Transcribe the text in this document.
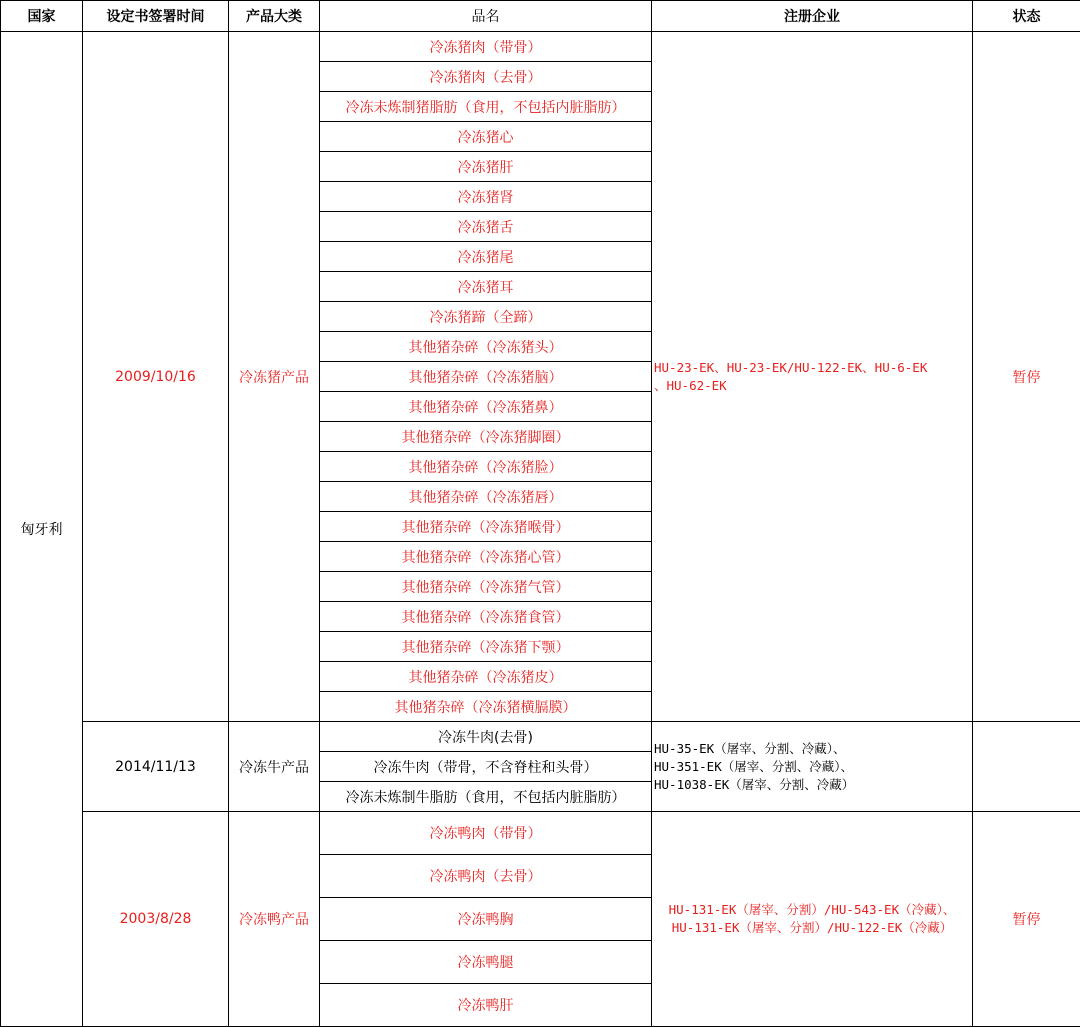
国家	设定书签署时间	产品大类	品名	注册企业	状态
匈牙利	2009/10/16	冷冻猪产品	冷冻猪肉（带骨）	HU-23-EK、HU-23-EK/HU-122-EK、HU-6-EK
、HU-62-EK	暂停
			冷冻猪肉（去骨）		
			冷冻未炼制猪脂肪（食用，不包括内脏脂肪）		
			冷冻猪心		
			冷冻猪肝		
			冷冻猪肾		
			冷冻猪舌		
			冷冻猪尾		
			冷冻猪耳		
			冷冻猪蹄（全蹄）		
			其他猪杂碎（冷冻猪头）		
			其他猪杂碎（冷冻猪脑）		
			其他猪杂碎（冷冻猪鼻）		
			其他猪杂碎（冷冻猪脚圈）		
			其他猪杂碎（冷冻猪脸）		
			其他猪杂碎（冷冻猪唇）		
			其他猪杂碎（冷冻猪喉骨）		
			其他猪杂碎（冷冻猪心管）		
			其他猪杂碎（冷冻猪气管）		
			其他猪杂碎（冷冻猪食管）		
			其他猪杂碎（冷冻猪下颚）		
			其他猪杂碎（冷冻猪皮）		
			其他猪杂碎（冷冻猪横膈膜）		
	2014/11/13	冷冻牛产品	冷冻牛肉(去骨)	HU-35-EK（屠宰、分割、冷藏）、
HU-351-EK（屠宰、分割、冷藏）、
HU-1038-EK（屠宰、分割、冷藏）	

			冷冻牛肉（带骨，不含脊柱和头骨）		
			冷冻未炼制牛脂肪（食用，不包括内脏脂肪）		
	2003/8/28	冷冻鸭产品	冷冻鸭肉（带骨）	HU-131-EK（屠宰、分割）/HU-543-EK（冷藏）、
HU-131-EK（屠宰、分割）/HU-122-EK（冷藏）	暂停
			冷冻鸭肉（去骨）		
			冷冻鸭胸		
			冷冻鸭腿		
			冷冻鸭肝		
